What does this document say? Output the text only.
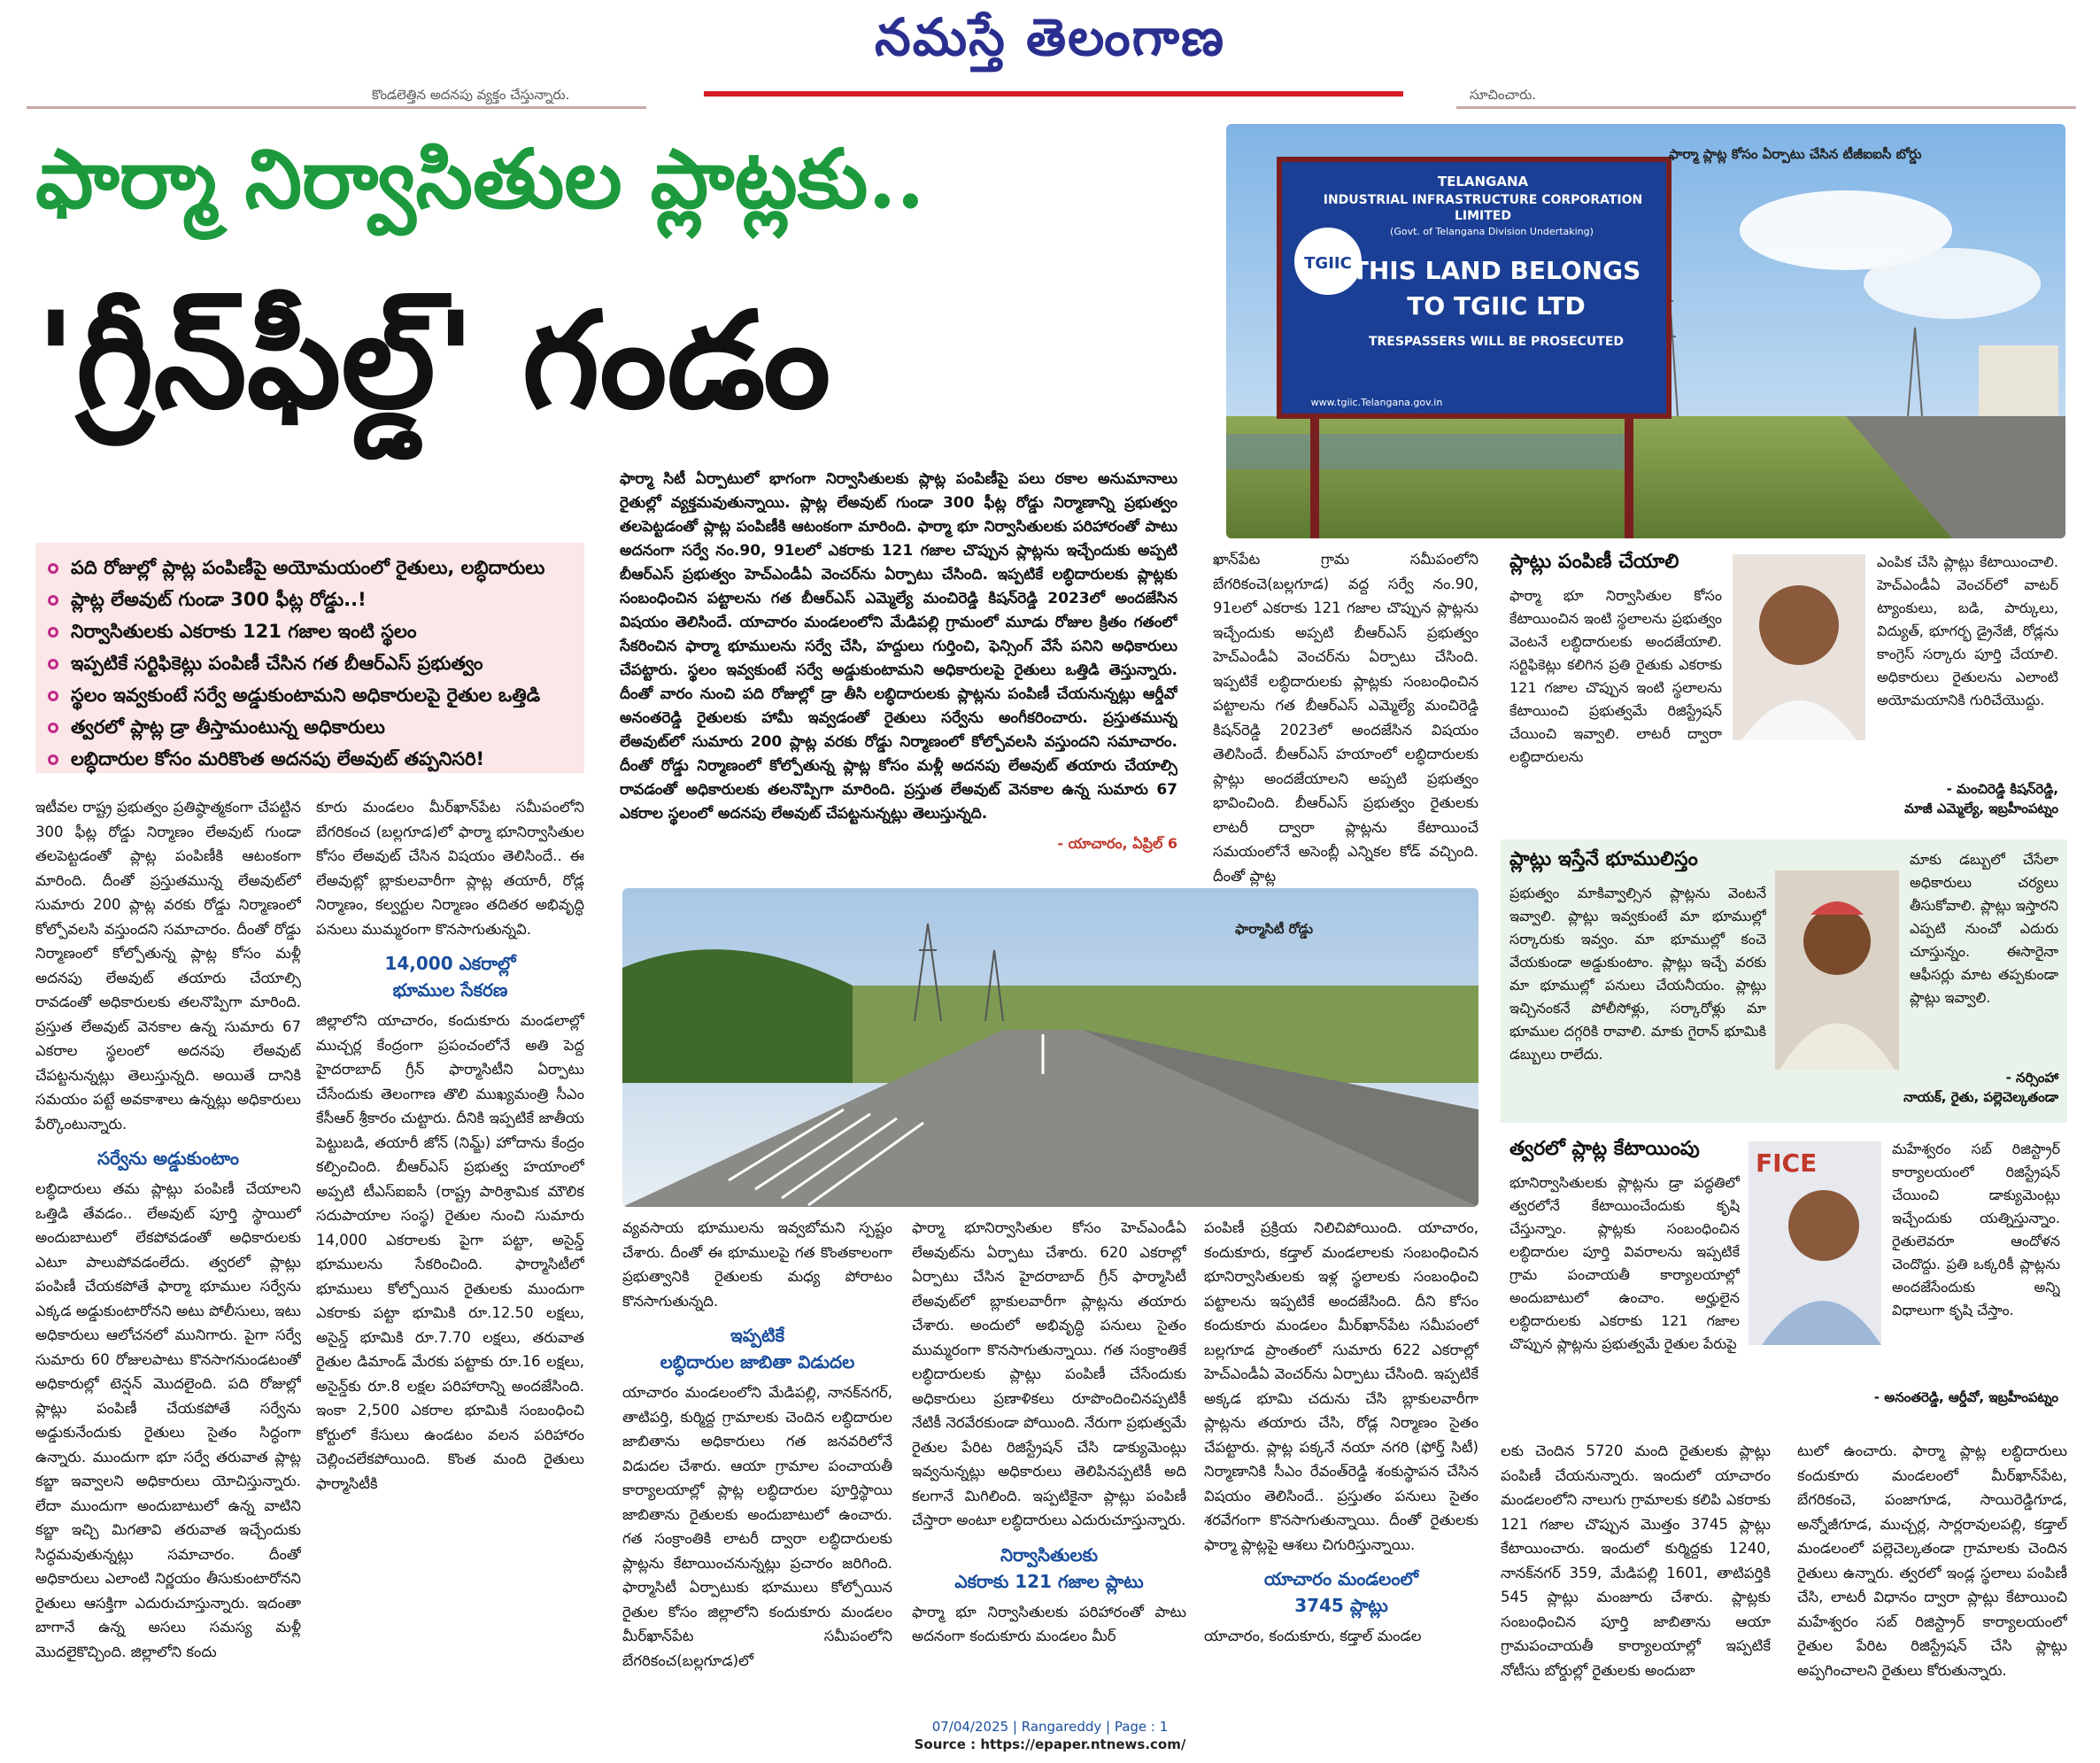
నమస్తే తెలంగాణ
కొండలెత్తిన అదనపు వ్యక్తం చేస్తున్నారు.	సూచించారు.
ఫార్మా నిర్వాసితుల ప్లాట్లకు..
'గ్రీన్‌ఫీల్డ్' గండం
పది రోజుల్లో ప్లాట్ల పంపిణీపై అయోమయంలో రైతులు, లబ్ధిదారులు
ప్లాట్ల లేఅవుట్ గుండా 300 ఫీట్ల రోడ్డు..!
నిర్వాసితులకు ఎకరాకు 121 గజాల ఇంటి స్థలం
ఇప్పటికే సర్టిఫికెట్లు పంపిణీ చేసిన గత బీఆర్ఎస్ ప్రభుత్వం
స్థలం ఇవ్వకుంటే సర్వే అడ్డుకుంటామని అధికారులపై రైతుల ఒత్తిడి
త్వరలో ప్లాట్ల డ్రా తీస్తామంటున్న అధికారులు
లబ్ధిదారుల కోసం మరికొంత అదనపు లేఅవుట్ తప్పనిసరి!

ఫార్మా సిటీ ఏర్పాటులో భాగంగా నిర్వాసితులకు ప్లాట్ల పంపిణీపై పలు రకాల అనుమానాలు రైతుల్లో వ్యక్తమవుతున్నాయి. ప్లాట్ల లేఅవుట్ గుండా 300 ఫీట్ల రోడ్డు నిర్మాణాన్ని ప్రభుత్వం తలపెట్టడంతో ప్లాట్ల పంపిణీకి ఆటంకంగా మారింది. ఫార్మా భూ నిర్వాసితులకు పరిహారంతో పాటు అదనంగా సర్వే నం.90, 91లలో ఎకరాకు 121 గజాల చొప్పున ప్లాట్లను ఇచ్చేందుకు అప్పటి బీఆర్ఎస్ ప్రభుత్వం హెచ్ఎండీఏ వెంచర్‌ను ఏర్పాటు చేసింది. ఇప్పటికే లబ్ధిదారులకు ప్లాట్లకు సంబంధించిన పట్టాలను గత బీఆర్ఎస్ ఎమ్మెల్యే మంచిరెడ్డి కిషన్‌రెడ్డి 2023లో అందజేసిన విషయం తెలిసిందే. యాచారం మండలంలోని మేడిపల్లి గ్రామంలో మూడు రోజుల క్రితం గతంలో సేకరించిన ఫార్మా భూములను సర్వే చేసి, హద్దులు గుర్తించి, ఫెన్సింగ్ వేసే పనిని అధికారులు చేపట్టారు. స్థలం ఇవ్వకుంటే సర్వే అడ్డుకుంటామని అధికారులపై రైతులు ఒత్తిడి తెస్తున్నారు. దీంతో వారం నుంచి పది రోజుల్లో డ్రా తీసి లబ్ధిదారులకు ప్లాట్లను పంపిణీ చేయనున్నట్లు ఆర్డీవో అనంతరెడ్డి రైతులకు హామీ ఇవ్వడంతో రైతులు సర్వేను అంగీకరించారు. ప్రస్తుతమున్న లేఅవుట్‌లో సుమారు 200 ప్లాట్ల వరకు రోడ్డు నిర్మాణంలో కోల్పోవలసి వస్తుందని సమాచారం. దీంతో రోడ్డు నిర్మాణంలో కోల్పోతున్న ప్లాట్ల కోసం మళ్లీ అదనపు లేఅవుట్ తయారు చేయాల్సి రావడంతో అధికారులకు తలనొప్పిగా మారింది. ప్రస్తుత లేఅవుట్ వెనకాల ఉన్న సుమారు 67 ఎకరాల స్థలంలో అదనపు లేఅవుట్ చేపట్టనున్నట్లు తెలుస్తున్నది.

- యాచారం, ఏప్రిల్ 6
TGIIC
TELANGANA
INDUSTRIAL INFRASTRUCTURE CORPORATION
LIMITED
(Govt. of Telangana Division Undertaking)
THIS LAND BELONGS
TO TGIIC LTD
TRESPASSERS WILL BE PROSECUTED
www.tgiic.Telangana.gov.in
ఫార్మా ప్లాట్ల కోసం ఏర్పాటు చేసిన టీజీఐఐసీ బోర్డు
ఫార్మాసిటీ రోడ్డు

ఇటీవల రాష్ట్ర ప్రభుత్వం ప్రతిష్ఠాత్మకంగా చేపట్టిన 300 ఫీట్ల రోడ్డు నిర్మాణం లేఅవుట్ గుండా తలపెట్టడంతో ప్లాట్ల పంపిణీకి ఆటంకంగా మారింది. దీంతో ప్రస్తుతమున్న లేఅవుట్‌లో సుమారు 200 ప్లాట్ల వరకు రోడ్డు నిర్మాణంలో కోల్పోవలసి వస్తుందని సమాచారం. దీంతో రోడ్డు నిర్మాణంలో కోల్పోతున్న ప్లాట్ల కోసం మళ్లీ అదనపు లేఅవుట్ తయారు చేయాల్సి రావడంతో అధికారులకు తలనొప్పిగా మారింది. ప్రస్తుత లేఅవుట్ వెనకాల ఉన్న సుమారు 67 ఎకరాల స్థలంలో అదనపు లేఅవుట్ చేపట్టనున్నట్లు తెలుస్తున్నది. అయితే దానికి సమయం పట్టే అవకాశాలు ఉన్నట్లు అధికారులు పేర్కొంటున్నారు.

సర్వేను అడ్డుకుంటాం

లబ్ధిదారులు తమ ప్లాట్లు పంపిణీ చేయాలని ఒత్తిడి తేవడం.. లేఅవుట్ పూర్తి స్థాయిలో అందుబాటులో లేకపోవడంతో అధికారులకు ఎటూ పాలుపోవడంలేదు. త్వరలో ప్లాట్లు పంపిణీ చేయకపోతే ఫార్మా భూముల సర్వేను ఎక్కడ అడ్డుకుంటారోనని అటు పోలీసులు, ఇటు అధికారులు ఆలోచనలో మునిగారు. పైగా సర్వే సుమారు 60 రోజులపాటు కొనసాగనుండటంతో అధికారుల్లో టెన్షన్ మొదలైంది. పది రోజుల్లో ప్లాట్లు పంపిణీ చేయకపోతే సర్వేను అడ్డుకునేందుకు రైతులు సైతం సిద్ధంగా ఉన్నారు. ముందుగా భూ సర్వే తరువాత ప్లాట్ల కబ్జా ఇవ్వాలని అధికారులు యోచిస్తున్నారు. లేదా ముందుగా అందుబాటులో ఉన్న వాటిని కబ్జా ఇచ్చి మిగతావి తరువాత ఇచ్చేందుకు సిద్ధమవుతున్నట్లు సమాచారం. దీంతో అధికారులు ఎలాంటి నిర్ణయం తీసుకుంటారోనని రైతులు ఆసక్తిగా ఎదురుచూస్తున్నారు. ఇదంతా బాగానే ఉన్న అసలు సమస్య మళ్లీ మొదలైకొచ్చింది. జిల్లాలోని కందు

కూరు మండలం మీర్‌ఖాన్‌పేట సమీపంలోని బేగరికంచ (బల్లగూడ)లో ఫార్మా భూనిర్వాసితుల కోసం లేఅవుట్ చేసిన విషయం తెలిసిందే.. ఈ లేఅవుట్లో బ్లాకులవారీగా ప్లాట్ల తయారీ, రోడ్ల నిర్మాణం, కల్వర్టుల నిర్మాణం తదితర అభివృద్ధి పనులు ముమ్మరంగా కొనసాగుతున్నవి.

14,000 ఎకరాల్లో
భూముల సేకరణ

జిల్లాలోని యాచారం, కందుకూరు మండలాల్లో ముచ్చర్ల కేంద్రంగా ప్రపంచంలోనే అతి పెద్ద హైదరాబాద్ గ్రీన్ ఫార్మాసిటీని ఏర్పాటు చేసేందుకు తెలంగాణ తొలి ముఖ్యమంత్రి సీఎం కేసీఆర్ శ్రీకారం చుట్టారు. దీనికి ఇప్పటికే జాతీయ పెట్టుబడి, తయారీ జోన్ (నిమ్జ్) హోదాను కేంద్రం కల్పించింది. బీఆర్ఎస్ ప్రభుత్వ హయాంలో అప్పటి టీఎస్ఐఐసీ (రాష్ట్ర పారిశ్రామిక మౌలిక సదుపాయాల సంస్థ) రైతుల నుంచి సుమారు 14,000 ఎకరాలకు పైగా పట్టా, అసైన్డ్ భూములను సేకరించింది. ఫార్మాసిటీలో భూములు కోల్పోయిన రైతులకు ముందుగా ఎకరాకు పట్టా భూమికి రూ.12.50 లక్షలు, అసైన్డ్ భూమికి రూ.7.70 లక్షలు, తరువాత రైతుల డిమాండ్ మేరకు పట్టాకు రూ.16 లక్షలు, అసైన్డ్‌కు రూ.8 లక్షల పరిహారాన్ని అందజేసింది. ఇంకా 2,500 ఎకరాల భూమికి సంబంధించి కోర్టులో కేసులు ఉండటం వలన పరిహారం చెల్లించలేకపోయింది. కొంత మంది రైతులు ఫార్మాసిటీకి

వ్యవసాయ భూములను ఇవ్వబోమని స్పష్టం చేశారు. దీంతో ఈ భూములపై గత కొంతకాలంగా ప్రభుత్వానికి రైతులకు మధ్య పోరాటం కొనసాగుతున్నది.

ఇప్పటికే
లబ్ధిదారుల జాబితా విడుదల

యాచారం మండలంలోని మేడిపల్లి, నానక్‌నగర్, తాటిపర్తి, కుర్మిద్ద గ్రామాలకు చెందిన లబ్ధిదారుల జాబితాను అధికారులు గత జనవరిలోనే విడుదల చేశారు. ఆయా గ్రామాల పంచాయతీ కార్యాలయాల్లో ప్లాట్ల లబ్ధిదారుల పూర్తిస్థాయి జాబితాను రైతులకు అందుబాటులో ఉంచారు. గత సంక్రాంతికి లాటరీ ద్వారా లబ్ధిదారులకు ప్లాట్లను కేటాయించనున్నట్లు ప్రచారం జరిగింది. ఫార్మాసిటీ ఏర్పాటుకు భూములు కోల్పోయిన రైతుల కోసం జిల్లాలోని కందుకూరు మండలం మీర్‌ఖాన్‌పేట సమీపంలోని బేగరికంచ(బల్లగూడ)లో

ఫార్మా భూనిర్వాసితుల కోసం హెచ్ఎండీఏ లేఅవుట్‌ను ఏర్పాటు చేశారు. 620 ఎకరాల్లో ఏర్పాటు చేసిన హైదరాబాద్ గ్రీన్ ఫార్మాసిటీ లేఅవుట్‌లో బ్లాకులవారీగా ప్లాట్లను తయారు చేశారు. అందులో అభివృద్ధి పనులు సైతం ముమ్మరంగా కొనసాగుతున్నాయి. గత సంక్రాంతికే లబ్ధిదారులకు ప్లాట్లు పంపిణీ చేసేందుకు అధికారులు ప్రణాళికలు రూపొందించినప్పటికీ నేటికీ నెరవేరకుండా పోయింది. నేరుగా ప్రభుత్వమే రైతుల పేరిట రిజిస్ట్రేషన్ చేసి డాక్యుమెంట్లు ఇవ్వనున్నట్లు అధికారులు తెలిపినప్పటికీ అది కలగానే మిగిలింది. ఇప్పటికైనా ప్లాట్లు పంపిణీ చేస్తారా అంటూ లబ్ధిదారులు ఎదురుచూస్తున్నారు.

నిర్వాసితులకు
ఎకరాకు 121 గజాల ప్లాటు

ఫార్మా భూ నిర్వాసితులకు పరిహారంతో పాటు అదనంగా కందుకూరు మండలం మీర్

పంపిణీ ప్రక్రియ నిలిచిపోయింది. యాచారం, కందుకూరు, కడ్తాల్ మండలాలకు సంబంధించిన భూనిర్వాసితులకు ఇళ్ల స్థలాలకు సంబంధించి పట్టాలను ఇప్పటికే అందజేసింది. దీని కోసం కందుకూరు మండలం మీర్‌ఖాన్‌పేట సమీపంలో బల్లగూడ ప్రాంతంలో సుమారు 622 ఎకరాల్లో హెచ్ఎండీఏ వెంచర్‌ను ఏర్పాటు చేసింది. ఇప్పటికే అక్కడ భూమి చదును చేసి బ్లాకులవారీగా ప్లాట్లను తయారు చేసి, రోడ్ల నిర్మాణం సైతం చేపట్టారు. ప్లాట్ల పక్కనే నయా నగరి (ఫోర్త్ సిటీ) నిర్మాణానికి సీఎం రేవంత్‌రెడ్డి శంకుస్థాపన చేసిన విషయం తెలిసిందే.. ప్రస్తుతం పనులు సైతం శరవేగంగా కొనసాగుతున్నాయి. దీంతో రైతులకు ఫార్మా ప్లాట్లపై ఆశలు చిగురిస్తున్నాయి.

యాచారం మండలంలో
3745 ప్లాట్లు

యాచారం, కందుకూరు, కడ్తాల్ మండల

ఖాన్‌పేట గ్రామ సమీపంలోని బేగరికంచె(బల్లగూడ) వద్ద సర్వే నం.90, 91లలో ఎకరాకు 121 గజాల చొప్పున ప్లాట్లను ఇచ్చేందుకు అప్పటి బీఆర్ఎస్ ప్రభుత్వం హెచ్ఎండీఏ వెంచర్‌ను ఏర్పాటు చేసింది. ఇప్పటికే లబ్ధిదారులకు ప్లాట్లకు సంబంధించిన పట్టాలను గత బీఆర్ఎస్ ఎమ్మెల్యే మంచిరెడ్డి కిషన్‌రెడ్డి 2023లో అందజేసిన విషయం తెలిసిందే. బీఆర్ఎస్ హయాంలో లబ్ధిదారులకు ప్లాట్లు అందజేయాలని అప్పటి ప్రభుత్వం భావించింది. బీఆర్ఎస్ ప్రభుత్వం రైతులకు లాటరీ ద్వారా ప్లాట్లను కేటాయించే సమయంలోనే అసెంబ్లీ ఎన్నికల కోడ్ వచ్చింది. దీంతో ప్లాట్ల

ప్లాట్లు పంపిణీ చేయాలి
ఫార్మా భూ నిర్వాసితుల కోసం కేటాయించిన ఇంటి స్థలాలను ప్రభుత్వం వెంటనే లబ్ధిదారులకు అందజేయాలి. సర్టిఫికెట్లు కలిగిన ప్రతి రైతుకు ఎకరాకు 121 గజాల చొప్పున ఇంటి స్థలాలను కేటాయించి ప్రభుత్వమే రిజిస్ట్రేషన్ చేయించి ఇవ్వాలి. లాటరీ ద్వారా లబ్ధిదారులను
ఎంపిక చేసి ప్లాట్లు కేటాయించాలి. హెచ్ఎండీఏ వెంచర్‌లో వాటర్ ట్యాంకులు, బడి, పార్కులు, విద్యుత్, భూగర్భ డ్రైనేజీ, రోడ్లను కాంగ్రెస్ సర్కారు పూర్తి చేయాలి. అధికారులు రైతులను ఎలాంటి అయోమయానికి గురిచేయొద్దు.
- మంచిరెడ్డి కిషన్‌రెడ్డి,
మాజీ ఎమ్మెల్యే, ఇబ్రహీంపట్నం
ప్లాట్లు ఇస్తేనే భూములిస్తం
ప్రభుత్వం మాకివ్వాల్సిన ప్లాట్లను వెంటనే ఇవ్వాలి. ప్లాట్లు ఇవ్వకుంటే మా భూముల్లో సర్కారుకు ఇవ్వం. మా భూముల్లో కంచె వేయకుండా అడ్డుకుంటాం. ప్లాట్లు ఇచ్చే వరకు మా భూముల్లో పనులు చేయనీయం. ప్లాట్లు ఇచ్చినంకనే పోలీసోళ్లు, సర్కారోళ్లు మా భూముల దగ్గరికి రావాలి. మాకు గైరాన్ భూమికి డబ్బులు రాలేదు.
మాకు డబ్బులో చేసేలా అధికారులు చర్యలు తీసుకోవాలి. ప్లాట్లు ఇస్తారని ఎప్పటి నుంచో ఎదురు చూస్తున్నం. ఈసారైనా ఆఫీసర్లు మాట తప్పకుండా ప్లాట్లు ఇవ్వాలి.
- నర్సింహా
నాయక్, రైతు, పల్లెచెల్కతండా
త్వరలో ప్లాట్ల కేటాయింపు
భూనిర్వాసితులకు ప్లాట్లను డ్రా పద్ధతిలో త్వరలోనే కేటాయించేందుకు కృషి చేస్తున్నాం. ప్లాట్లకు సంబంధించిన లబ్ధిదారుల పూర్తి వివరాలను ఇప్పటికే గ్రామ పంచాయతీ కార్యాలయాల్లో అందుబాటులో ఉంచాం. అర్హులైన లబ్ధిదారులకు ఎకరాకు 121 గజాల చొప్పున ప్లాట్లను ప్రభుత్వమే రైతుల పేరుపై
FICE	మహేశ్వరం సబ్ రిజిస్ట్రార్ కార్యాలయంలో రిజిస్ట్రేషన్ చేయించి డాక్యుమెంట్లు ఇచ్చేందుకు యత్నిస్తున్నాం. రైతులెవరూ ఆందోళన చెందొద్దు. ప్రతి ఒక్కరికీ ప్లాట్లను అందజేసేందుకు అన్ని విధాలుగా కృషి చేస్తాం.
- అనంతరెడ్డి, ఆర్డీవో, ఇబ్రహీంపట్నం
లకు చెందిన 5720 మంది రైతులకు ప్లాట్లు పంపిణీ చేయనున్నారు. ఇందులో యాచారం మండలంలోని నాలుగు గ్రామాలకు కలిపి ఎకరాకు 121 గజాల చొప్పున మొత్తం 3745 ప్లాట్లు కేటాయించారు. ఇందులో కుర్మిద్దకు 1240, నానక్‌నగర్ 359, మేడిపల్లి 1601, తాటిపర్తికి 545 ప్లాట్లు మంజూరు చేశారు. ప్లాట్లకు సంబంధించిన పూర్తి జాబితాను ఆయా గ్రామపంచాయతీ కార్యాలయాల్లో ఇప్పటికే నోటీసు బోర్డుల్లో రైతులకు అందుబా
టులో ఉంచారు. ఫార్మా ప్లాట్ల లబ్ధిదారులు కందుకూరు మండలంలో మీర్‌ఖాన్‌పేట, బేగరికంచె, పంజాగూడ, సాయిరెడ్డిగూడ, అన్నోజీగూడ, ముచ్చర్ల, సార్లరావులపల్లి, కడ్తాల్ మండలంలో పల్లెచెల్కతండా గ్రామాలకు చెందిన రైతులు ఉన్నారు. త్వరలో ఇండ్ల స్థలాలు పంపిణీ చేసి, లాటరీ విధానం ద్వారా ప్లాట్లు కేటాయించి మహేశ్వరం సబ్ రిజిస్ట్రార్ కార్యాలయంలో రైతుల పేరిట రిజిస్ట్రేషన్ చేసి ప్లాట్లు అప్పగించాలని రైతులు కోరుతున్నారు.
07/04/2025 | Rangareddy | Page : 1
Source : https://epaper.ntnews.com/
